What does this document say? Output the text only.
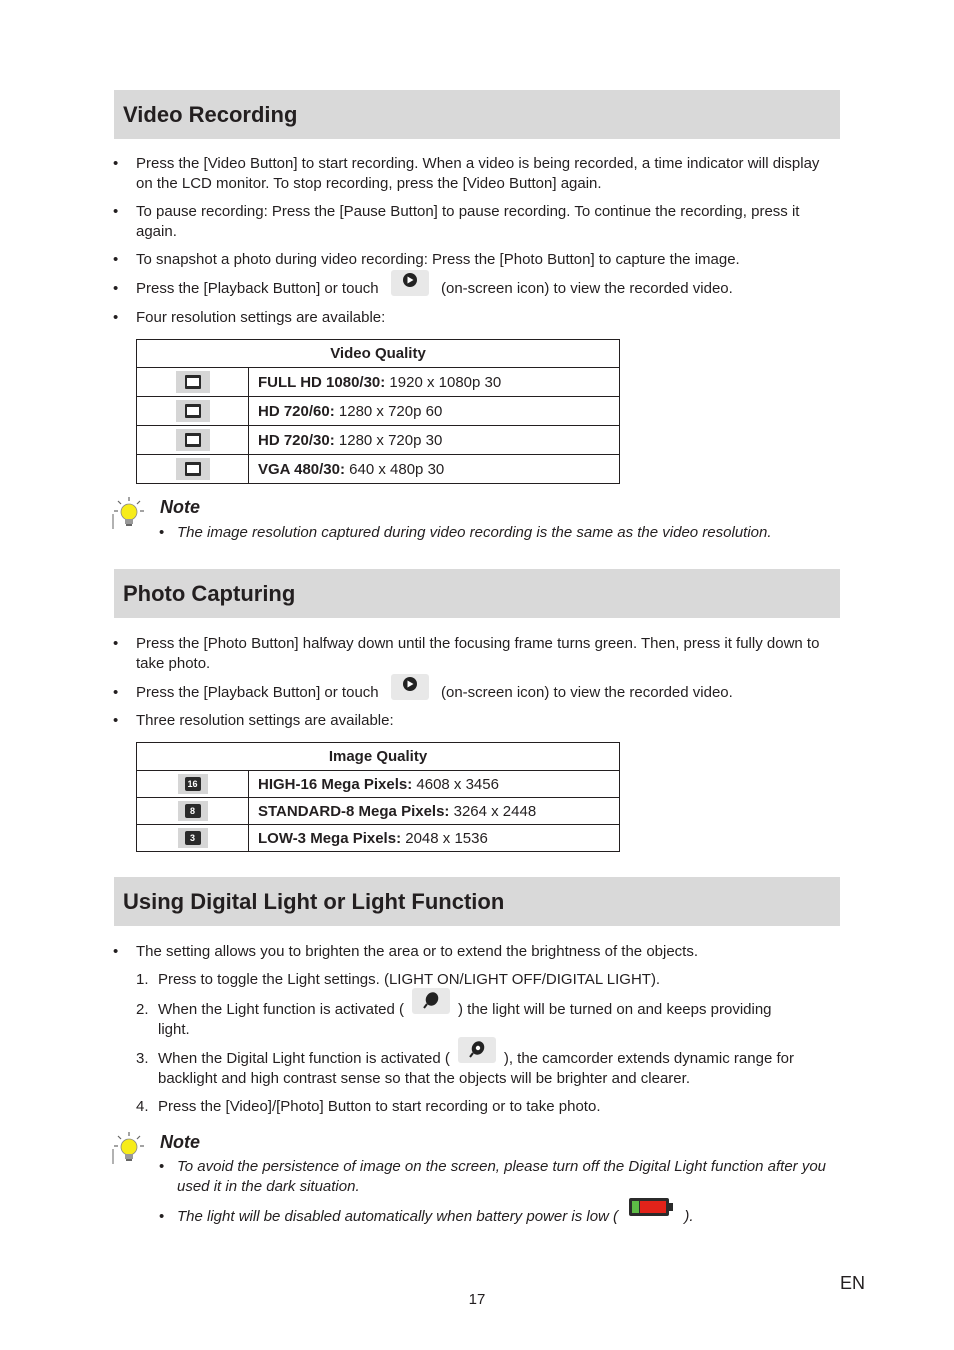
Video Recording
•	Press the [Video Button] to start recording. When a video is being recorded, a time indicator will display on the LCD monitor. To stop recording, press the [Video Button] again.
•	To pause recording: Press the [Pause Button] to pause recording. To continue the recording, press it again.
•	To snapshot a photo during video recording: Press the [Photo Button] to capture the image.
•	Press the [Playback Button] or touch	(on-screen icon) to view the recorded video.
•	Four resolution settings are available:
Video Quality	

	FULL HD 1080/30: 1920 x 1080p 30

	HD 720/60: 1280 x 720p 60

	HD 720/30: 1280 x 720p 30

	VGA 480/30: 640 x 480p 30
Note
• The image resolution captured during video recording is the same as the video resolution.
Photo Capturing
•	Press the [Photo Button] halfway down until the focusing frame turns green. Then, press it fully down to take photo.
•	Press the [Playback Button] or touch	(on-screen icon) to view the recorded video.
•	Three resolution settings are available:
Image Quality	

16	HIGH-16 Mega Pixels: 4608 x 3456

8	STANDARD-8 Mega Pixels: 3264 x 2448

3	LOW-3 Mega Pixels: 2048 x 1536
Using Digital Light or Light Function
•	The setting allows you to brighten the area or to extend the brightness of the objects.
1. Press to toggle the Light settings. (LIGHT ON/LIGHT OFF/DIGITAL LIGHT).
2. When the Light function is activated (	) the light will be turned on and keeps providing
light.
3. When the Digital Light function is activated (	), the camcorder extends dynamic range for
backlight and high contrast sense so that the objects will be brighter and clearer.
4. Press the [Video]/[Photo] Button to start recording or to take photo.
Note
• To avoid the persistence of image on the screen, please turn off the Digital Light function after you used it in the dark situation.
• The light will be disabled automatically when battery power is low (	).
EN
17
